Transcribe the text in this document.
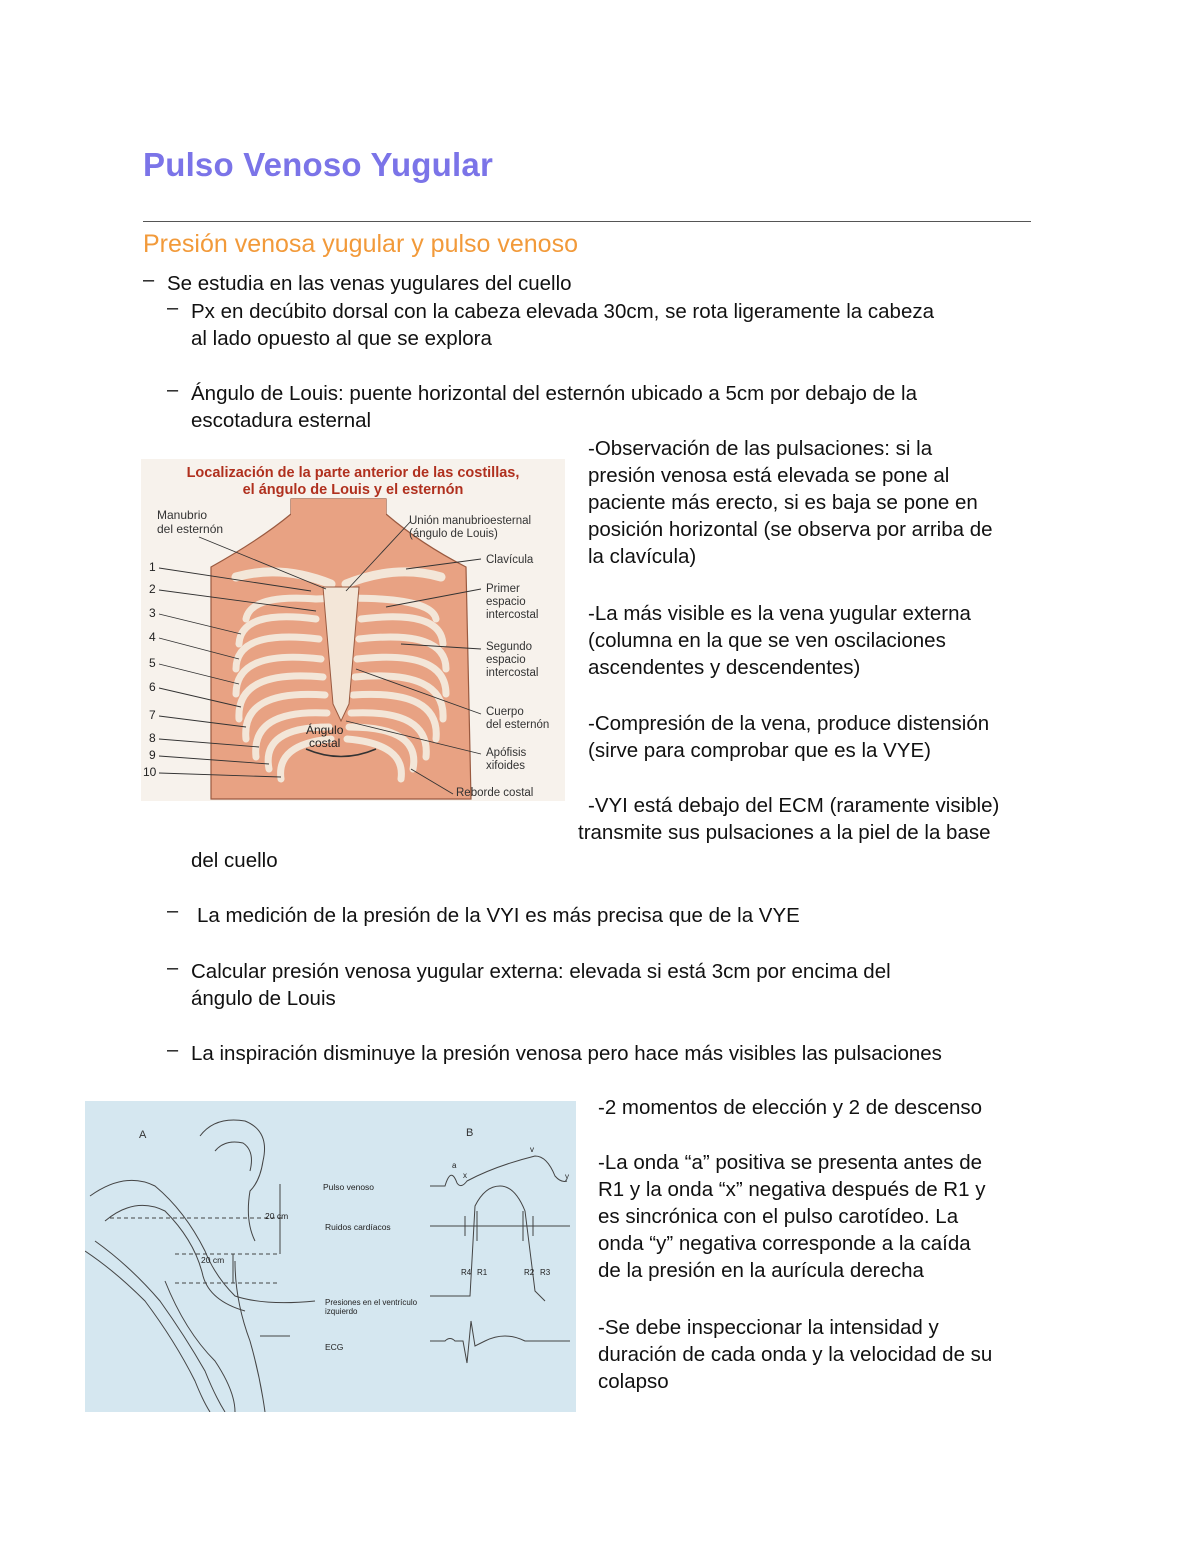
Pulso Venoso Yugular
Presión venosa yugular y pulso venoso
– Se estudia en las venas yugulares del cuello
– Px en decúbito dorsal con la cabeza elevada 30cm, se rota ligeramente la cabeza
al lado opuesto al que se explora
– Ángulo de Louis: puente horizontal del esternón ubicado a 5cm por debajo de la
escotadura esternal
-Observación de las pulsaciones: si la
presión venosa está elevada se pone al
paciente más erecto, si es baja se pone en
posición horizontal (se observa por arriba de
la clavícula)
-La más visible es la vena yugular externa
(columna en la que se ven oscilaciones
ascendentes y descendentes)
-Compresión de la vena, produce distensión
(sirve para comprobar que es la VYE)
-VYI está debajo del ECM (raramente visible)
transmite sus pulsaciones a la piel de la base
del cuello
Localización de la parte anterior de las costillas,
el ángulo de Louis y el esternón
Manubrio
del esternón
Unión manubrioesternal
(ángulo de Louis)
Clavícula
Primer
espacio
intercostal
Segundo
espacio
intercostal
Cuerpo
del esternón
Apófisis
xifoides
Reborde costal
Ángulo
costal
1
2
3
4
5
6
7
8
9
10
– La medición de la presión de la VYI es más precisa que de la VYE
– Calcular presión venosa yugular externa: elevada si está 3cm por encima del
ángulo de Louis
– La inspiración disminuye la presión venosa pero hace más visibles las pulsaciones
A	B
20 cm
20 cm
Pulso venoso
Ruidos cardíacos
Presiones en el ventrículo
izquierdo
ECG
a
x
v
y
R4 R1	R2 R3
-2 momentos de elección y 2 de descenso
-La onda “a” positiva se presenta antes de
R1 y la onda “x” negativa después de R1 y
es sincrónica con el pulso carotídeo. La
onda “y” negativa corresponde a la caída
de la presión en la aurícula derecha
-Se debe inspeccionar la intensidad y
duración de cada onda y la velocidad de su
colapso
